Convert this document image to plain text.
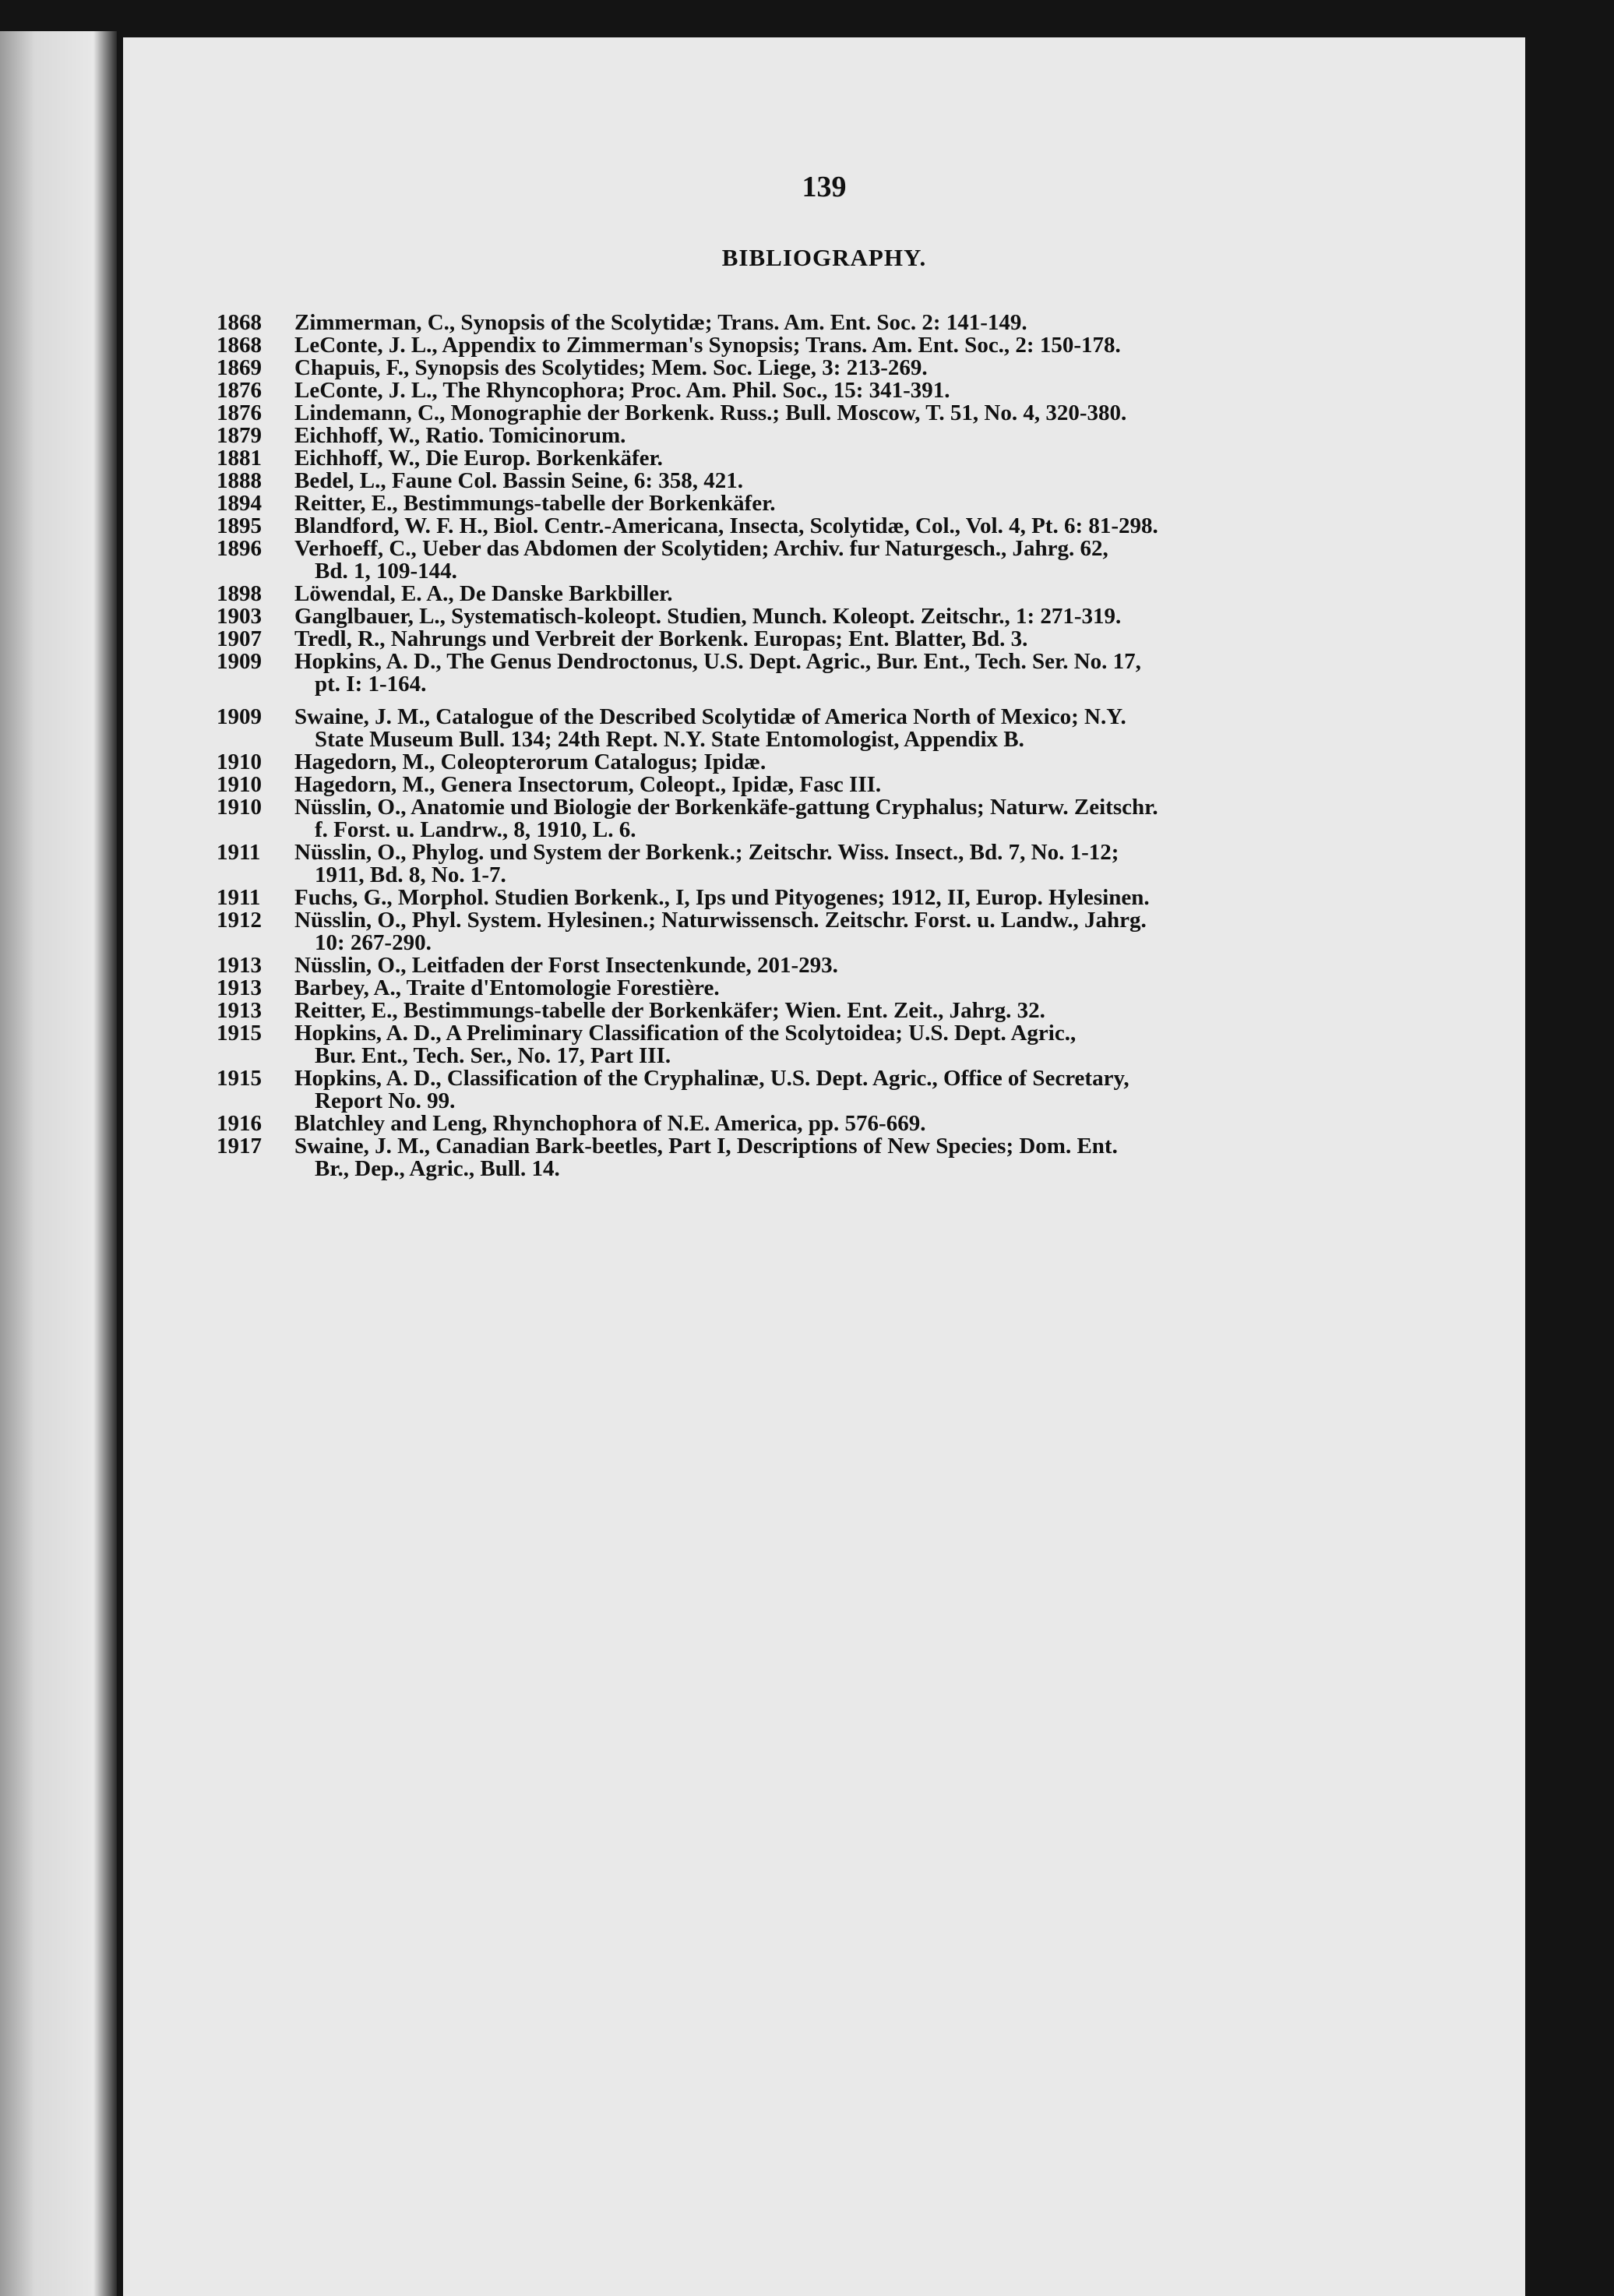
139
BIBLIOGRAPHY.
1868	Zimmerman, C., Synopsis of the Scolytidæ; Trans. Am. Ent. Soc. 2: 141-149.
1868	LeConte, J. L., Appendix to Zimmerman's Synopsis; Trans. Am. Ent. Soc., 2: 150-178.
1869	Chapuis, F., Synopsis des Scolytides; Mem. Soc. Liege, 3: 213-269.
1876	LeConte, J. L., The Rhyncophora; Proc. Am. Phil. Soc., 15: 341-391.
1876	Lindemann, C., Monographie der Borkenk. Russ.; Bull. Moscow, T. 51, No. 4, 320-380.
1879	Eichhoff, W., Ratio. Tomicinorum.
1881	Eichhoff, W., Die Europ. Borkenkäfer.
1888	Bedel, L., Faune Col. Bassin Seine, 6: 358, 421.
1894	Reitter, E., Bestimmungs-tabelle der Borkenkäfer.
1895	Blandford, W. F. H., Biol. Centr.-Americana, Insecta, Scolytidæ, Col., Vol. 4, Pt. 6: 81-298.
1896	Verhoeff, C., Ueber das Abdomen der Scolytiden; Archiv. fur Naturgesch., Jahrg. 62,
Bd. 1, 109-144.
1898	Löwendal, E. A., De Danske Barkbiller.
1903	Ganglbauer, L., Systematisch-koleopt. Studien, Munch. Koleopt. Zeitschr., 1: 271-319.
1907	Tredl, R., Nahrungs und Verbreit der Borkenk. Europas; Ent. Blatter, Bd. 3.
1909	Hopkins, A. D., The Genus Dendroctonus, U.S. Dept. Agric., Bur. Ent., Tech. Ser. No. 17,
pt. I: 1-164.
1909	Swaine, J. M., Catalogue of the Described Scolytidæ of America North of Mexico; N.Y.
State Museum Bull. 134; 24th Rept. N.Y. State Entomologist, Appendix B.
1910	Hagedorn, M., Coleopterorum Catalogus; Ipidæ.
1910	Hagedorn, M., Genera Insectorum, Coleopt., Ipidæ, Fasc III.
1910	Nüsslin, O., Anatomie und Biologie der Borkenkäfe-gattung Cryphalus; Naturw. Zeitschr.
f. Forst. u. Landrw., 8, 1910, L. 6.
1911	Nüsslin, O., Phylog. und System der Borkenk.; Zeitschr. Wiss. Insect., Bd. 7, No. 1-12;
1911, Bd. 8, No. 1-7.
1911	Fuchs, G., Morphol. Studien Borkenk., I, Ips und Pityogenes; 1912, II, Europ. Hylesinen.
1912	Nüsslin, O., Phyl. System. Hylesinen.; Naturwissensch. Zeitschr. Forst. u. Landw., Jahrg.
10: 267-290.
1913	Nüsslin, O., Leitfaden der Forst Insectenkunde, 201-293.
1913	Barbey, A., Traite d'Entomologie Forestière.
1913	Reitter, E., Bestimmungs-tabelle der Borkenkäfer; Wien. Ent. Zeit., Jahrg. 32.
1915	Hopkins, A. D., A Preliminary Classification of the Scolytoidea; U.S. Dept. Agric.,
Bur. Ent., Tech. Ser., No. 17, Part III.
1915	Hopkins, A. D., Classification of the Cryphalinæ, U.S. Dept. Agric., Office of Secretary,
Report No. 99.
1916	Blatchley and Leng, Rhynchophora of N.E. America, pp. 576-669.
1917	Swaine, J. M., Canadian Bark-beetles, Part I, Descriptions of New Species; Dom. Ent.
Br., Dep., Agric., Bull. 14.
